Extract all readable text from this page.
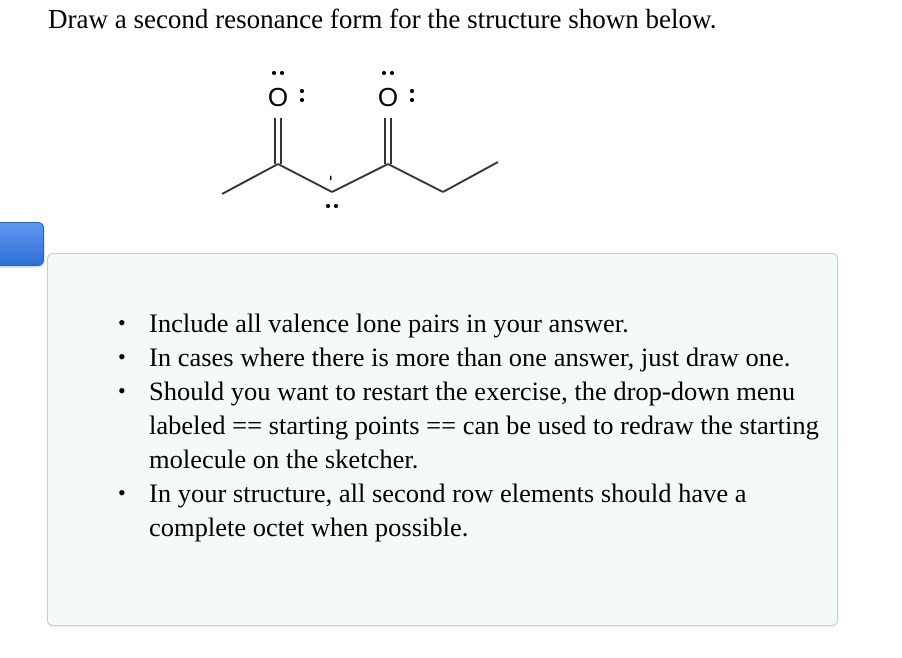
Draw a second resonance form for the structure shown below.
O	O
-
• Include all valence lone pairs in your answer.
• In cases where there is more than one answer, just draw one.
• Should you want to restart the exercise, the drop-down menu labeled == starting points == can be used to redraw the starting molecule on the sketcher.
• In your structure, all second row elements should have a complete octet when possible.
